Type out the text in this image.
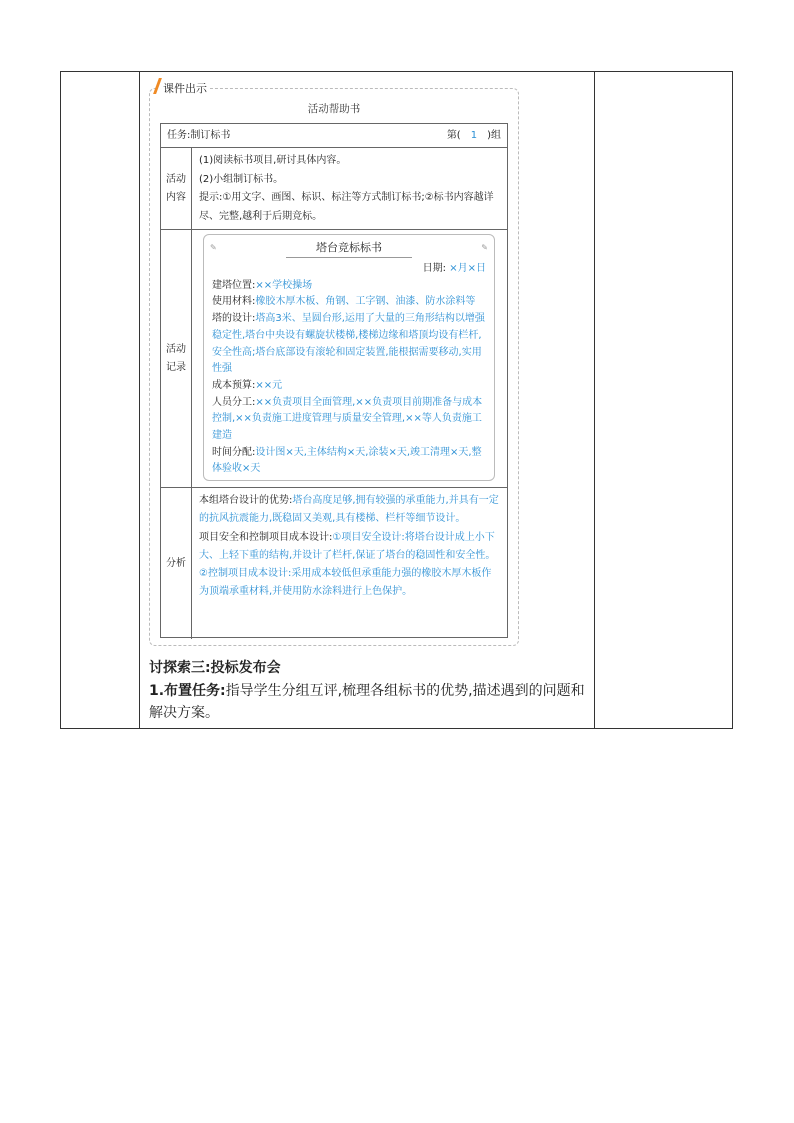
课件出示
活动帮助书
任务:制订标书	第( 1 )组
活动内容
(1)阅读标书项目,研讨具体内容。
(2)小组制订标书。
提示:①用文字、画图、标识、标注等方式制订标书;②标书内容越详尽、完整,越利于后期竞标。
活动记录
✎	✎
塔台竞标标书
日期: ×月×日
建塔位置:××学校操场
使用材料:橡胶木厚木板、角钢、工字钢、油漆、防水涂料等
塔的设计:塔高3米、呈圆台形,运用了大量的三角形结构以增强稳定性,塔台中央设有螺旋状楼梯,楼梯边缘和塔顶均设有栏杆,安全性高;塔台底部设有滚轮和固定装置,能根据需要移动,实用性强
成本预算:××元
人员分工:××负责项目全面管理,××负责项目前期准备与成本控制,××负责施工进度管理与质量安全管理,××等人负责施工建造
时间分配:设计图×天,主体结构×天,涂装×天,竣工清理×天,整体验收×天
分析
本组塔台设计的优势:塔台高度足够,拥有较强的承重能力,并具有一定的抗风抗震能力,既稳固又美观,具有楼梯、栏杆等细节设计。
项目安全和控制项目成本设计:①项目安全设计:将塔台设计成上小下大、上轻下重的结构,并设计了栏杆,保证了塔台的稳固性和安全性。
②控制项目成本设计:采用成本较低但承重能力强的橡胶木厚木板作为顶端承重材料,并使用防水涂料进行上色保护。
讨探索三:投标发布会
1.布置任务:指导学生分组互评,梳理各组标书的优势,描述遇到的问题和解决方案。
